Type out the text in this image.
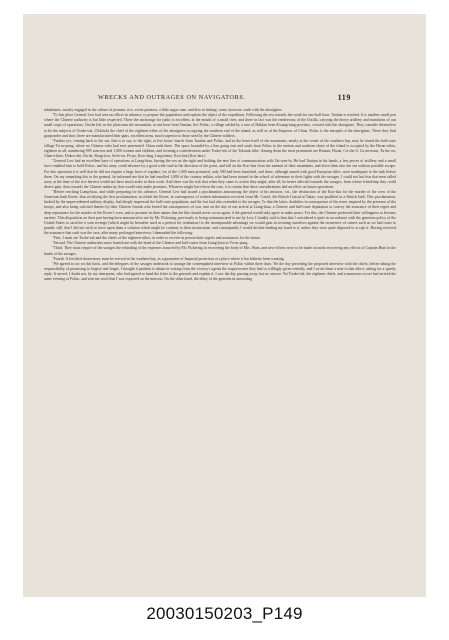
WRECKS AND OUTRAGES ON NAVIGATORS.	119

inhabitants, mostly engaged in the culture of peanuts, rice, sweet potatoes, a little sugar cane, and also in fishing; some, however, trade with the aborigines.

"To this place General Lew had sent an officer in advance, to prepare the population and explain the object of the expedition. Following the sea towards the south for one-half hour, Tautian is reached. It is another small port where the Chinese authority is but little respected. There the anchorage for junks is excellent, at the mouth of a small river, and there in fact was the rendezvous of the flotilla, carrying the heavy artillery and munitions of our small corps of operations. On the left, in the plain near the mountains, at one hour from Tautian, lies Poliac, a village settled by a race of Hakkas from Kwang-tung province, crossed with the aborigines. They consider themselves to be the subjects of Tooke-tok, (Tokitok) the chief of the eighteen tribes of the aborigines occupying the southern end of the island, as well as of the Emperor of China. Poliac is the entrepôt of the aborigines. There they find gunpowder and shot; there are manufactured their guns, excellent arms, much superior to those used by the Chinese soldiers.

"Further yet, coming back to the sea, that is to say, to the right, at five hours' march from Tautian and Poliac, and in the heart itself of the mountains, nearly at the center of the southern bay, may be found the half-caste village Tu-su-pong, where no Chinese ruler had ever penetrated. China ends there. The space bounded by a line going east and south from Poliac to the eastern and southern shore of the island is occupied by the Hwan tribes, eighteen in all, numbering 905 warriors and 1,000 women and children, and forming a confederation under Tooke-tok of the Tokatuk tribe. Among them the most prominent are Boutan, Hwan, Ca-che-li, Cu-an-noun, Tu-ku-ow, Chan-a-kine, Dokoo-ahi, Ba-ah, Bong-loot, Sa-le-on, Pe-po, Kow-lang, Ling-niano, Koo-lata (Koo-lata.)

"General Lew had an excellent base of operations at Liang-kiau, having the sea on the right and holding the new line of communication with Tai-wan-fu. He had Tautian in his hands, a few pieces of artillery and a small force enabled him to hold Poliac, and his army could advance by a good wide road in the direction of the point, and fall on the Koo-lata from the summit of their mountains, and drive them into the sea without possible escape. For this operation it is well that he did not require a large force of regulars; for of the 1,000 men promised, only 500 had been furnished, and these, although armed with good European rifles, were inadequate to the task before them. On my remarking this to the general, he informed me that he had enrolled 1,000 of the country militia, who had been trained in the school of adventure in their fights with the savages. I could not but fear that men called away at the time of the rice harvest would not have much ardor in their work. And there was the risk that when they came to action they might, after all, be better affected towards the savages, from whose friendship they could derive gain, than towards the Chinese authority, that would only make promises. Whatever might have been the case, it is certain that these considerations had an effect on future operations.

"Before reaching Liang-kiau, and while preparing for his advance, General Lew had issued a proclamation announcing the object of his mission, viz., the destruction of the Koo-lata for the murder of the crew of the American bark Rover, thus rectifying the first proclamation, in which the Rover, in consequence of written information received from Mr. Carrol, the British Consul at Takao, was qualified as a British bark. This proclamation, backed by the unprecedented military display, had deeply impressed the half-caste population, and the fact had also extended to the savages. To that the latter, doubtless in consequence of the terror inspired by the presence of the troops, and also being solicited thereto by their Chinese friends who feared the consequences of war, sent on the day of our arrival at Liang-kiau, a Chinese and half-caste deputation to convey the assurance of their regret and deep repentance for the murder of the Rover's crew, and to promise in their names that the like should never occur again, if the general would only agree to make peace. For this, the Chinese professed their willingness to become sureties. This disposition on their part having been announced to me by Mr. Pickering, previously to being communicated to me by Lew, I frankly said to him that I considered it quite in accordance with the generous policy of the United States to sacrifice a vain revenge (which might be hereafter used as a pretext for retaliation) to the incomparable advantage we would gain in securing ourselves against the recurrence of crimes such as we had come to punish; still, that I did not wish to force upon them a solution which might be contrary to their instructions, and consequently I would decline lending my hand to it, unless they were quite disposed to accept it. Having received the assurance that such was the case, after many prolonged interviews I demanded the following:

"First. I must see Tooke-tok and the chiefs of the eighteen tribes, in order to receive in person their regrets and assurances for the future.

"Second. The Chinese authorities must furnish me with the bond of the Chinese and half-castes from Liang-kiau to Tu-su-pong.

"Third. They must require of the savages the refunding of the expenses incurred by Mr. Pickering in recovering the body of Mrs. Hunt, and new efforts were to be made towards recovering any effects of Captain Hunt in the hands of the savages.

"Fourth. A fortified observatory must be erected at the southern bay, as a guarantee of Imperial protection at a place where it has hitherto been wanting.

"We agreed to act on this basis, and the delegates of the savages undertook to arrange the contemplated interview at Poliac within three days. Yet the day preceding the proposed interview with the chiefs, before taking the responsibility of promising to forgive and forget, I thought it prudent to obtain in writing from the viceroy's agents the acquiescence they had so willingly given verbally, and I wrote them a note to that effect, asking for a speedy reply. It served, I doubt not, by my interpreter, who had agreed to hand the letter to the generals and explain it. I saw the day passing away, but no answer. Yet Tooke-tok, the eighteen chiefs, and a numerous escort had arrived the same evening at Poliac, and sent me word that I was expected on the morrow. On the other hand, the delay of the generals in answering

20030150203_P149
